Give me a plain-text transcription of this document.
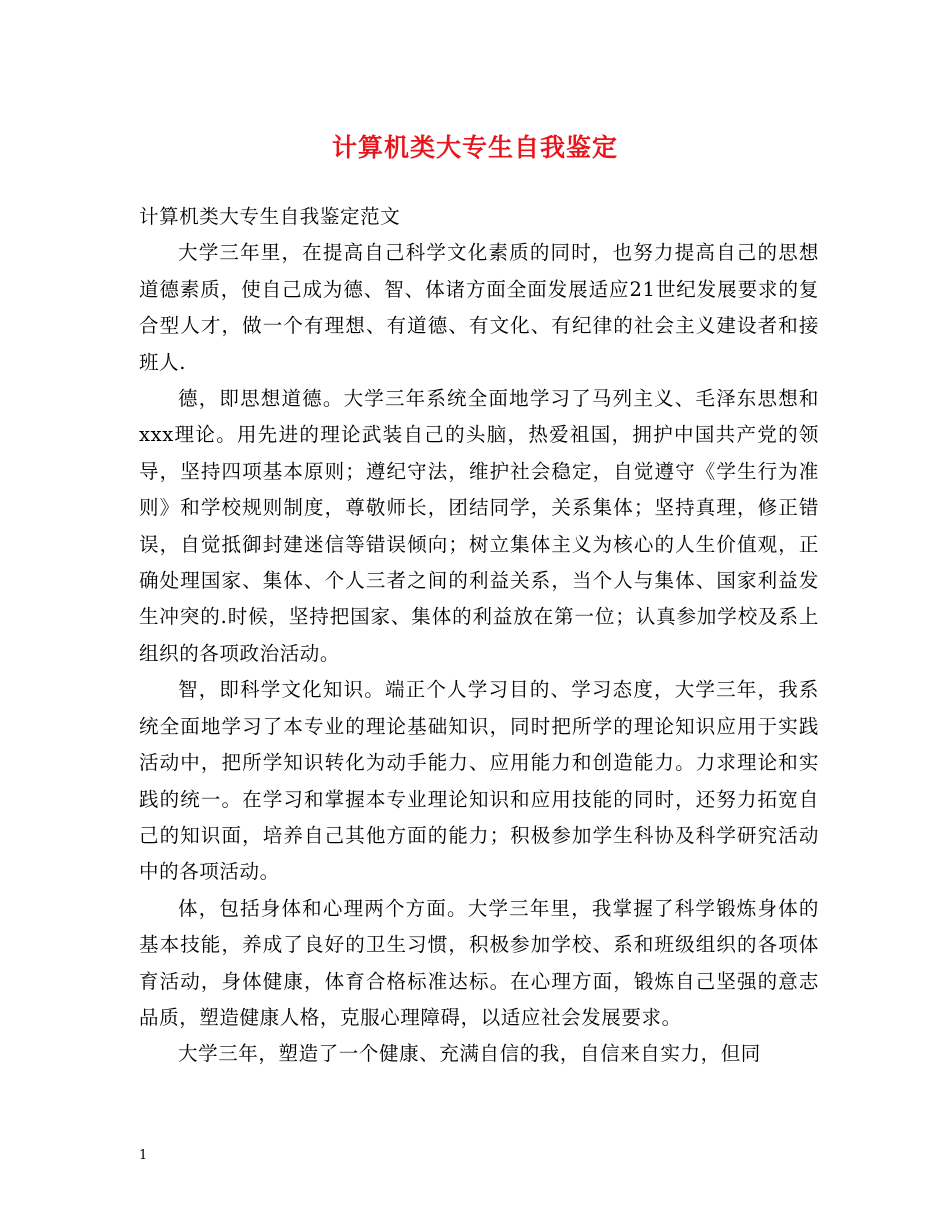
计算机类大专生自我鉴定

计算机类大专生自我鉴定范文

大学三年里，在提高自己科学文化素质的同时，也努力提高自己的思想道德素质，使自己成为德、智、体诸方面全面发展适应21世纪发展要求的复合型人才，做一个有理想、有道德、有文化、有纪律的社会主义建设者和接班人.

德，即思想道德。大学三年系统全面地学习了马列主义、毛泽东思想和xxx理论。用先进的理论武装自己的头脑，热爱祖国，拥护中国共产党的领导，坚持四项基本原则；遵纪守法，维护社会稳定，自觉遵守《学生行为准则》和学校规则制度，尊敬师长，团结同学，关系集体；坚持真理，修正错误，自觉抵御封建迷信等错误倾向；树立集体主义为核心的人生价值观，正确处理国家、集体、个人三者之间的利益关系，当个人与集体、国家利益发生冲突的.时候，坚持把国家、集体的利益放在第一位；认真参加学校及系上组织的各项政治活动。

智，即科学文化知识。端正个人学习目的、学习态度，大学三年，我系统全面地学习了本专业的理论基础知识，同时把所学的理论知识应用于实践活动中，把所学知识转化为动手能力、应用能力和创造能力。力求理论和实践的统一。在学习和掌握本专业理论知识和应用技能的同时，还努力拓宽自己的知识面，培养自己其他方面的能力；积极参加学生科协及科学研究活动中的各项活动。

体，包括身体和心理两个方面。大学三年里，我掌握了科学锻炼身体的基本技能，养成了良好的卫生习惯，积极参加学校、系和班级组织的各项体育活动，身体健康，体育合格标准达标。在心理方面，锻炼自己坚强的意志品质，塑造健康人格，克服心理障碍，以适应社会发展要求。

大学三年，塑造了一个健康、充满自信的我，自信来自实力，但同

1
